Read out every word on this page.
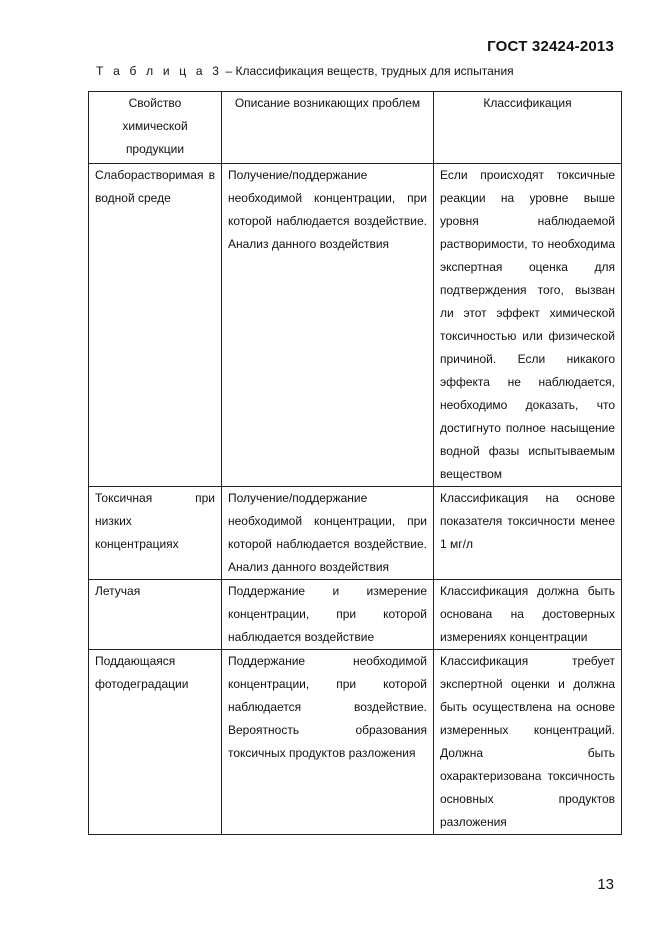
ГОСТ 32424-2013
Т а б л и ц а 3 – Классификация веществ, трудных для испытания
Свойство химической продукции	Описание возникающих проблем	Классификация
Слаборастворимая в водной среде	Получение/поддержание необходимой концентрации, при которой наблюдается воздействие. Анализ данного воздействия	Если происходят токсичные реакции на уровне выше уровня наблюдаемой растворимости, то необходима экспертная оценка для подтверждения того, вызван ли этот эффект химической токсичностью или физической причиной. Если никакого эффекта не наблюдается, необходимо доказать, что достигнуто полное насыщение водной фазы испытываемым веществом
Токсичная при низких концентрациях	Получение/поддержание необходимой концентрации, при которой наблюдается воздействие. Анализ данного воздействия	Классификация на основе показателя токсичности менее 1 мг/л
Летучая	Поддержание и измерение концентрации, при которой наблюдается воздействие	Классификация должна быть основана на достоверных измерениях концентрации
Поддающаяся фотодеградации	Поддержание необходимой концентрации, при которой наблюдается воздействие. Вероятность образования токсичных продуктов разложения	Классификация требует экспертной оценки и должна быть осуществлена на основе измеренных концентраций. Должна быть охарактеризована токсичность основных продуктов разложения
13
